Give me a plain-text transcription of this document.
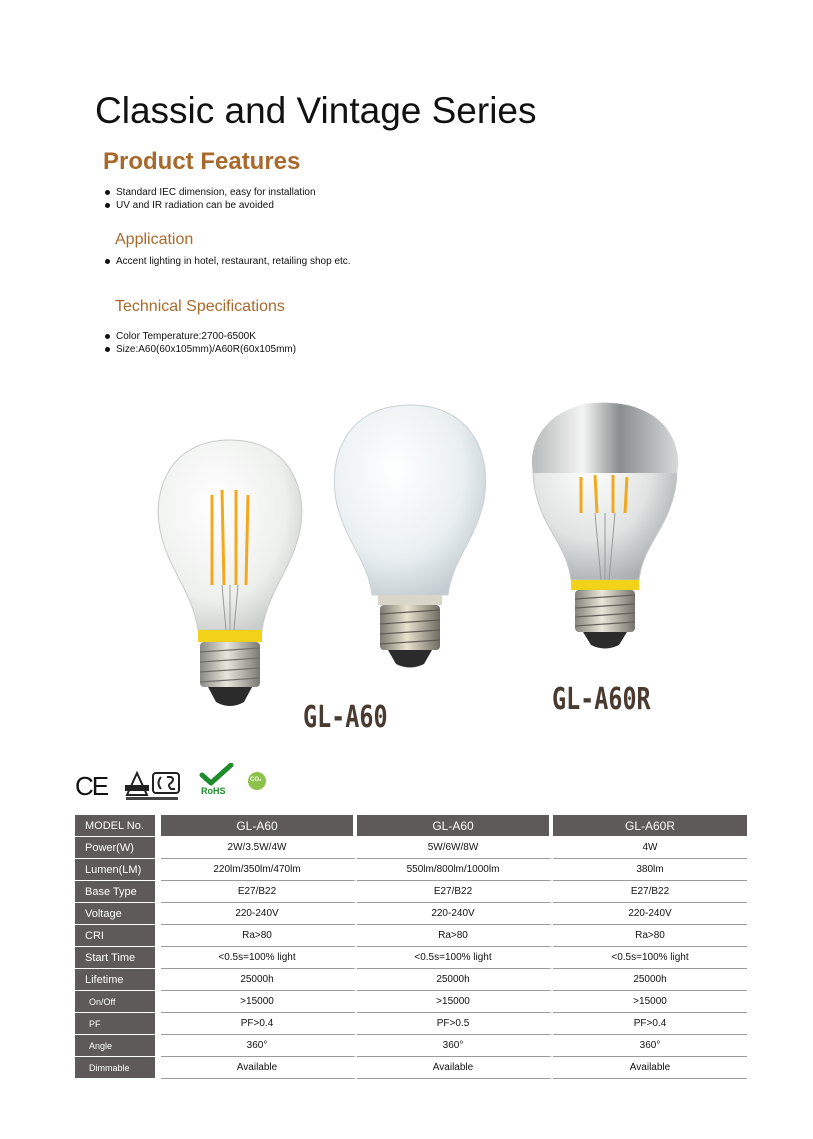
Classic and Vintage Series
Product Features
Standard IEC dimension, easy for installation
UV and IR radiation can be avoided
Application
Accent lighting in hotel, restaurant, retailing shop etc.
Technical Specifications
Color Temperature:2700-6500K
Size:A60(60x105mm)/A60R(60x105mm)
GL-A60
GL-A60R
CE	RoHS
CO₂
MODEL No.	GL-A60	GL-A60	GL-A60R
Power(W)	2W/3.5W/4W	5W/6W/8W	4W
Lumen(LM)	220lm/350lm/470lm	550lm/800lm/1000lm	380lm
Base Type	E27/B22	E27/B22	E27/B22
Voltage	220-240V	220-240V	220-240V
CRI	Ra>80	Ra>80	Ra>80
Start Time	<0.5s=100% light	<0.5s=100% light	<0.5s=100% light
Lifetime	25000h	25000h	25000h
On/Off	>15000	>15000	>15000
PF	PF>0.4	PF>0.5	PF>0.4
Angle	360°	360°	360°
Dimmable	Available	Available	Available
